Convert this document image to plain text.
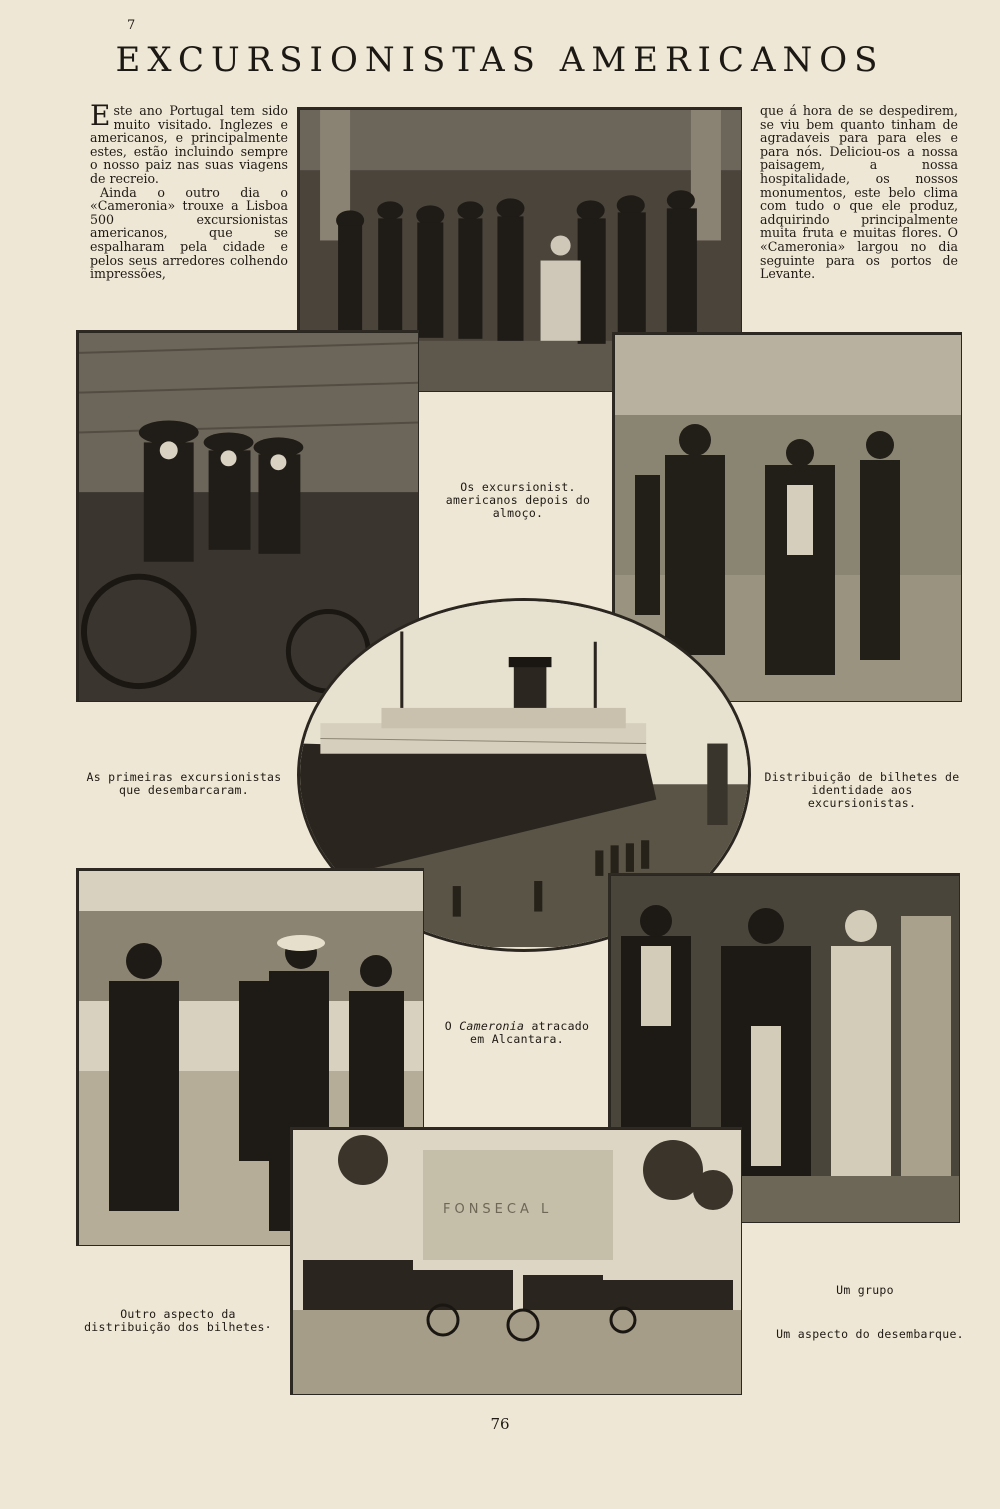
7
EXCURSIONISTAS AMERICANOS

Este ano Portugal tem sido muito visitado. Inglezes e americanos, e principalmente estes, estão incluindo sempre o nosso paiz nas suas viagens de recreio.

Ainda o outro dia o «Cameronia» trouxe a Lisboa 500 excursionistas americanos, que se espalharam pela cidade e pelos seus arredores colhendo impressões,

que á hora de se despedirem, se viu bem quanto tinham de agradaveis para para eles e para nós. Deliciou-os a nossa paisagem, a nossa hospitalidade, os nossos monumentos, este belo clima com tudo o que ele produz, adquirindo principalmente muita fruta e muitas flores. O «Cameronia» largou no dia seguinte para os portos de Levante.
FONSECA L
Os excursionist. americanos depois do almoço.
As primeiras excursionistas que desembarcaram.
Distribuição de bilhetes de identidade aos excursionistas.
O Cameronia atracado em Alcantara.
Outro aspecto da distribuição dos bilhetes·
Um grupo
Um aspecto do desembarque.
76
